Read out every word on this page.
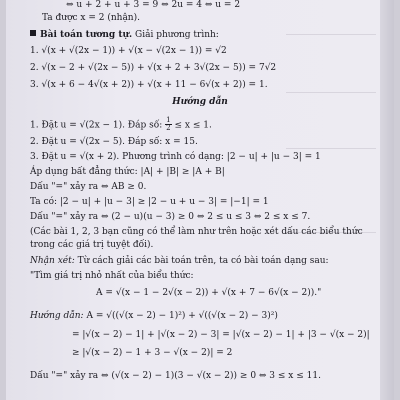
⇔ u + 2 + u + 3 = 9 ⇔ 2u = 4 ⇔ u = 2
Ta được x = 2 (nhận).
Bài toán tương tự. Giải phương trình:
1. √(x + √(2x − 1)) + √(x − √(2x − 1)) = √2
2. √(x − 2 + √(2x − 5)) + √(x + 2 + 3√(2x − 5)) = 7√2
3. √(x + 6 − 4√(x + 2)) + √(x + 11 − 6√(x + 2)) = 1.
Hướng dẫn
1. Đặt u = √(2x − 1). Đáp số: $\frac{1}{2} \le x \le 1$.
2. Đặt u = √(2x − 5). Đáp số: x = 15.
3. Đặt u = √(x + 2). Phương trình có dạng: |2 − u| + |u − 3| = 1
Áp dụng bất đẳng thức: |A| + |B| ≥ |A + B|
Dấu "=" xảy ra ⇔ AB ≥ 0.
Ta có: |2 − u| + |u − 3| ≥ |2 − u + u − 3| = |−1| = 1
Dấu "=" xảy ra ⇔ (2 − u)(u − 3) ≥ 0 ⇔ 2 ≤ u ≤ 3 ⇔ 2 ≤ x ≤ 7.
(Các bài 1, 2, 3 bạn cũng có thể làm như trên hoặc xét dấu các biểu thức
trong các giá trị tuyệt đối).
Nhận xét: Từ cách giải các bài toán trên, ta có bài toán dạng sau:
"Tìm giá trị nhỏ nhất của biểu thức:
A = √(x − 1 − 2√(x − 2)) + √(x + 7 − 6√(x − 2))."
Hướng dẫn: A = √((√(x − 2) − 1)²) + √((√(x − 2) − 3)²)
= |√(x − 2) − 1| + |√(x − 2) − 3| = |√(x − 2) − 1| + |3 − √(x − 2)|
≥ |√(x − 2) − 1 + 3 − √(x − 2)| = 2
Dấu "=" xảy ra ⇔ (√(x − 2) − 1)(3 − √(x − 2)) ≥ 0 ⇔ 3 ≤ x ≤ 11.
